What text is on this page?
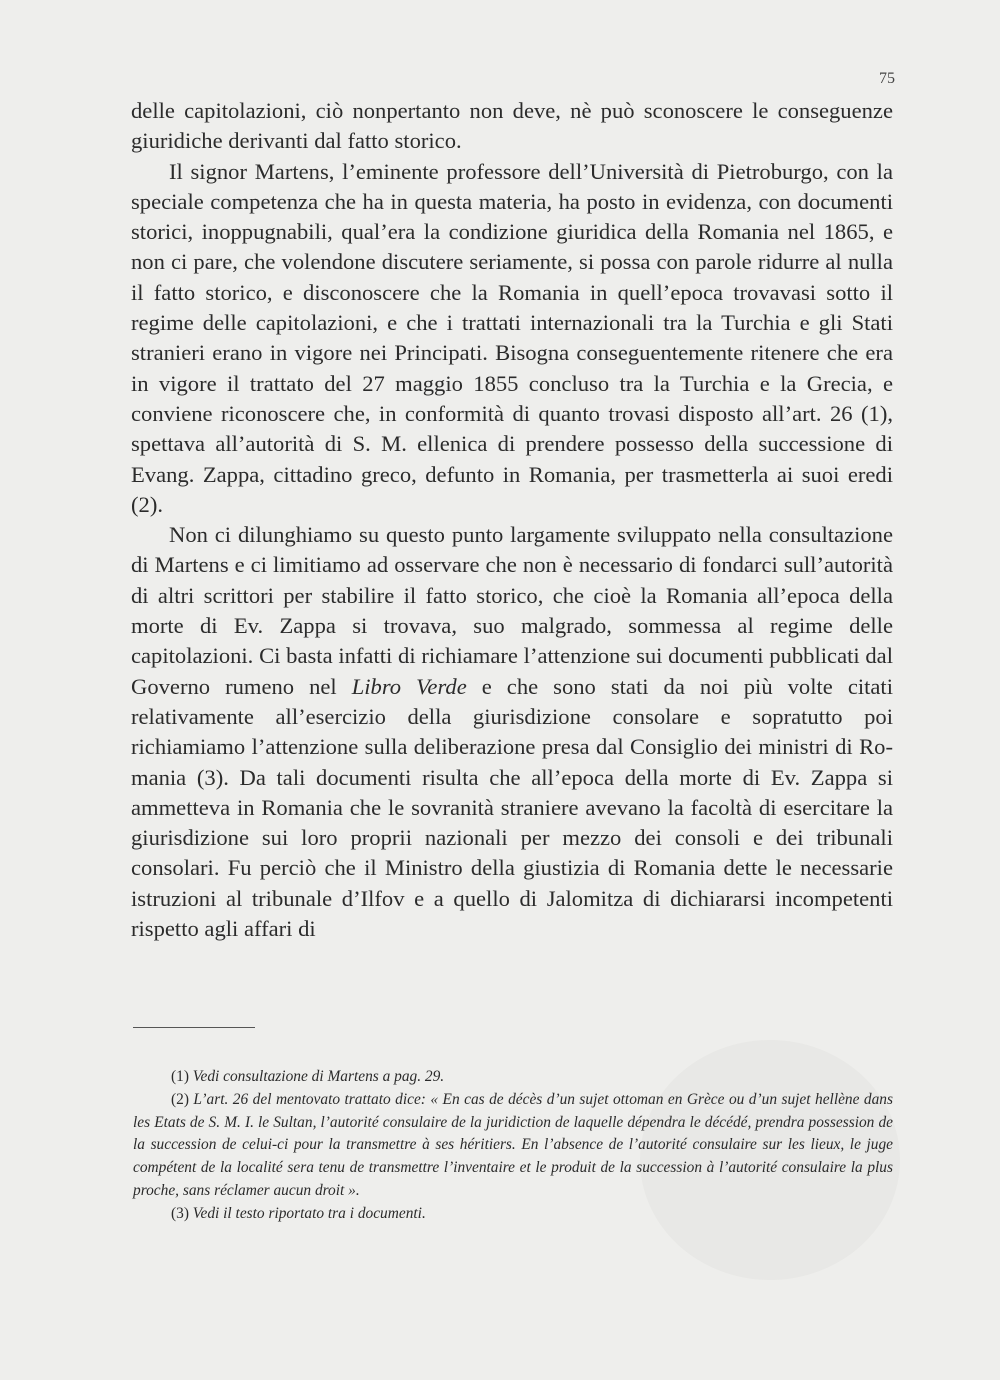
75

delle capitolazioni, ciò nonpertanto non deve, nè può sconoscere le conseguenze giuridiche derivanti dal fatto storico.

Il signor Martens, l’eminente professore dell’Università di Pietroburgo, con la speciale competenza che ha in questa materia, ha posto in evidenza, con documenti storici, inoppugnabili, qual’era la condizione giuridica della Romania nel 1865, e non ci pare, che volendone discutere seriamente, si possa con parole ridurre al nulla il fatto storico, e disconoscere che la Romania in quell’epoca trovavasi sotto il regime delle capitolazioni, e che i trattati internazionali tra la Turchia e gli Stati stranieri erano in vigore nei Principati. Bisogna conseguentemente ritenere che era in vigore il trattato del 27 maggio 1855 concluso tra la Turchia e la Grecia, e conviene riconoscere che, in conformità di quanto trovasi disposto all’art. 26 (1), spettava all’autorità di S. M. ellenica di prendere possesso della successione di Evang. Zappa, cittadino greco, defunto in Romania, per trasmetterla ai suoi eredi (2).

Non ci dilunghiamo su questo punto largamente sviluppato nella consultazione di Martens e ci limitiamo ad osservare che non è necessario di fondarci sull’autorità di altri scrittori per stabilire il fatto storico, che cioè la Romania all’epoca della morte di Ev. Zappa si trovava, suo malgrado, sommessa al regime delle capitolazioni. Ci basta infatti di richiamare l’attenzione sui documenti pubblicati dal Governo rumeno nel Libro Verde e che sono stati da noi più volte citati relativamente all’esercizio della giurisdizione consolare e sopratutto poi richiamiamo l’attenzione sulla deliberazione presa dal Consiglio dei ministri di Romania (3). Da tali documenti risulta che all’epoca della morte di Ev. Zappa si ammetteva in Romania che le sovranità straniere avevano la facoltà di esercitare la giurisdizione sui loro proprii nazionali per mezzo dei consoli e dei tribunali consolari. Fu perciò che il Ministro della giustizia di Romania dette le necessarie istruzioni al tribunale d’Ilfov e a quello di Jalomitza di dichiararsi incompetenti rispetto agli affari di

(1) Vedi consultazione di Martens a pag. 29.

(2) L’art. 26 del mentovato trattato dice: « En cas de décès d’un sujet ottoman en Grèce ou d’un sujet hellène dans les Etats de S. M. I. le Sultan, l’autorité consulaire de la juridiction de laquelle dépendra le décédé, prendra possession de la succession de celui-ci pour la transmettre à ses héritiers. En l’absence de l’autorité consulaire sur les lieux, le juge compétent de la localité sera tenu de transmettre l’inventaire et le produit de la succession à l’autorité consulaire la plus proche, sans réclamer aucun droit ».

(3) Vedi il testo riportato tra i documenti.
